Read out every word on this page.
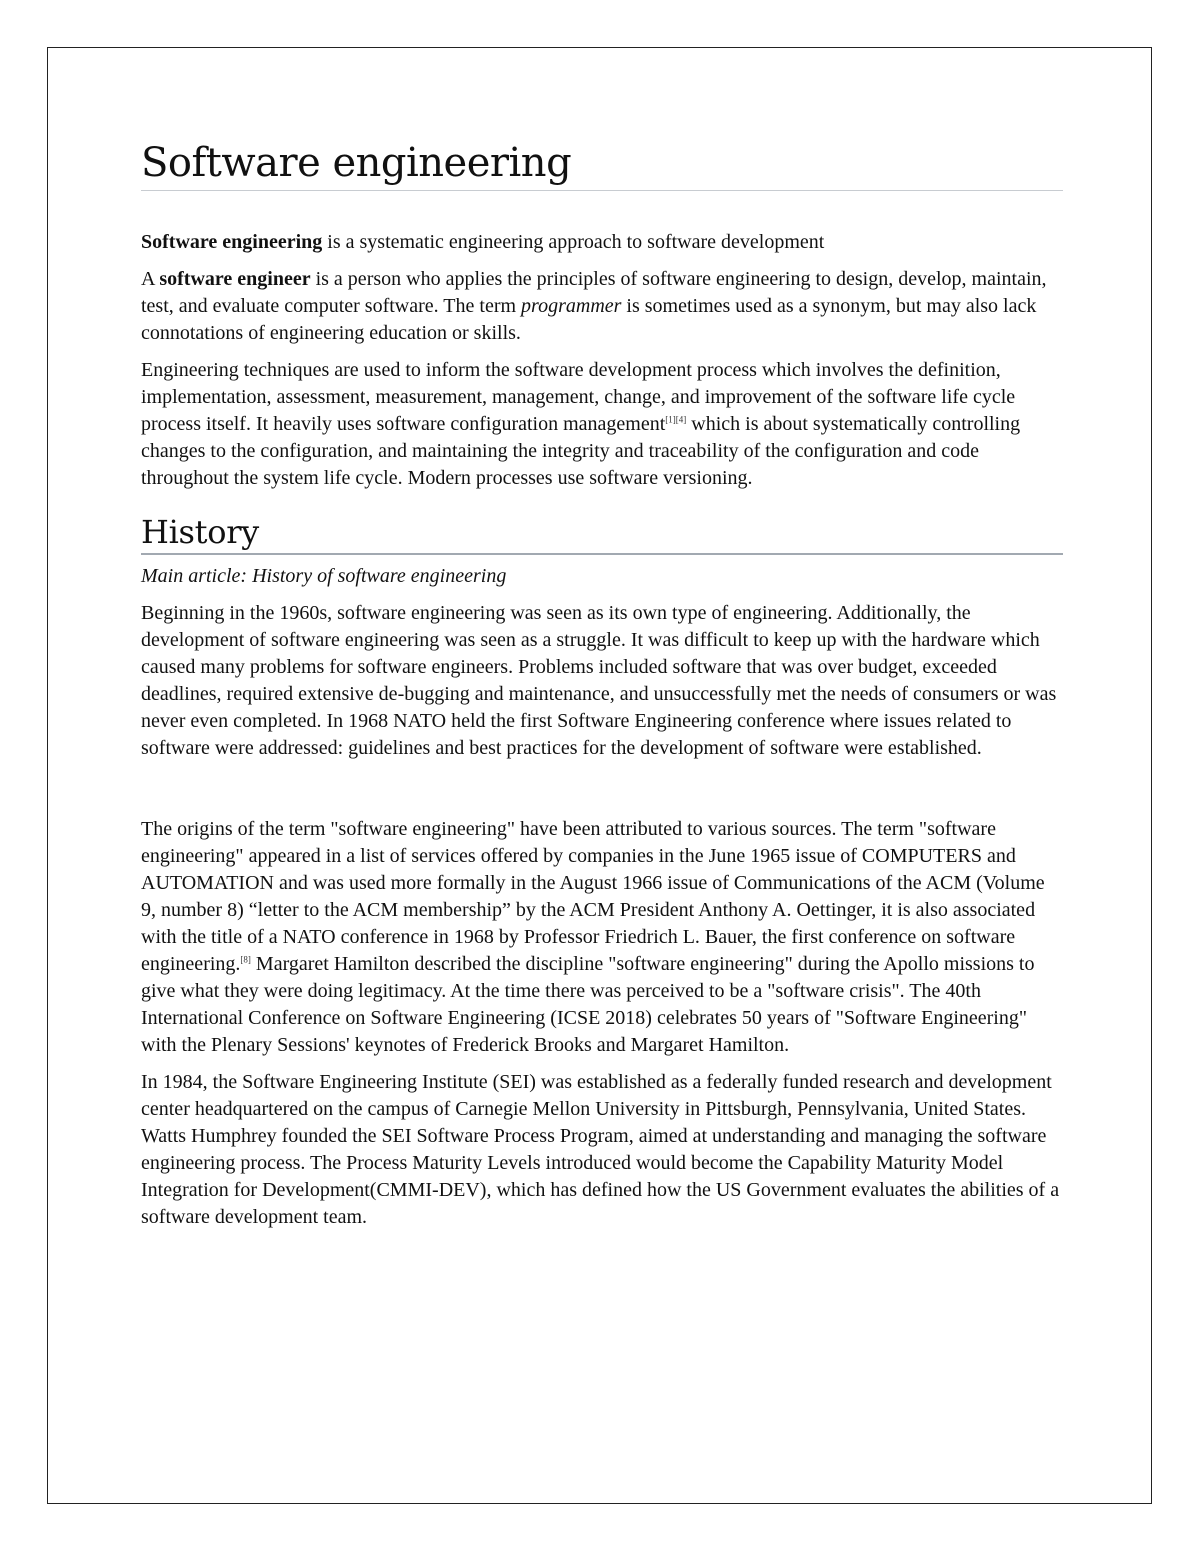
Software engineering

Software engineering is a systematic engineering approach to software development

A software engineer is a person who applies the principles of software engineering to design, develop, maintain, test, and evaluate computer software. The term programmer is sometimes used as a synonym, but may also lack connotations of engineering education or skills.

Engineering techniques are used to inform the software development process which involves the definition, implementation, assessment, measurement, management, change, and improvement of the software life cycle process itself. It heavily uses software configuration management[1][4] which is about systematically controlling changes to the configuration, and maintaining the integrity and traceability of the configuration and code throughout the system life cycle. Modern processes use software versioning.

History

Main article: History of software engineering

Beginning in the 1960s, software engineering was seen as its own type of engineering. Additionally, the development of software engineering was seen as a struggle. It was difficult to keep up with the hardware which caused many problems for software engineers. Problems included software that was over budget, exceeded deadlines, required extensive de-bugging and maintenance, and unsuccessfully met the needs of consumers or was never even completed. In 1968 NATO held the first Software Engineering conference where issues related to software were addressed: guidelines and best practices for the development of software were established.

The origins of the term "software engineering" have been attributed to various sources. The term "software engineering" appeared in a list of services offered by companies in the June 1965 issue of COMPUTERS and AUTOMATION and was used more formally in the August 1966 issue of Communications of the ACM (Volume 9, number 8) “letter to the ACM membership” by the ACM President Anthony A. Oettinger, it is also associated with the title of a NATO conference in 1968 by Professor Friedrich L. Bauer, the first conference on software engineering.[8] Margaret Hamilton described the discipline "software engineering" during the Apollo missions to give what they were doing legitimacy. At the time there was perceived to be a "software crisis". The 40th International Conference on Software Engineering (ICSE 2018) celebrates 50 years of "Software Engineering" with the Plenary Sessions' keynotes of Frederick Brooks and Margaret Hamilton.

In 1984, the Software Engineering Institute (SEI) was established as a federally funded research and development center headquartered on the campus of Carnegie Mellon University in Pittsburgh, Pennsylvania, United States. Watts Humphrey founded the SEI Software Process Program, aimed at understanding and managing the software engineering process. The Process Maturity Levels introduced would become the Capability Maturity Model Integration for Development(CMMI-DEV), which has defined how the US Government evaluates the abilities of a software development team.
